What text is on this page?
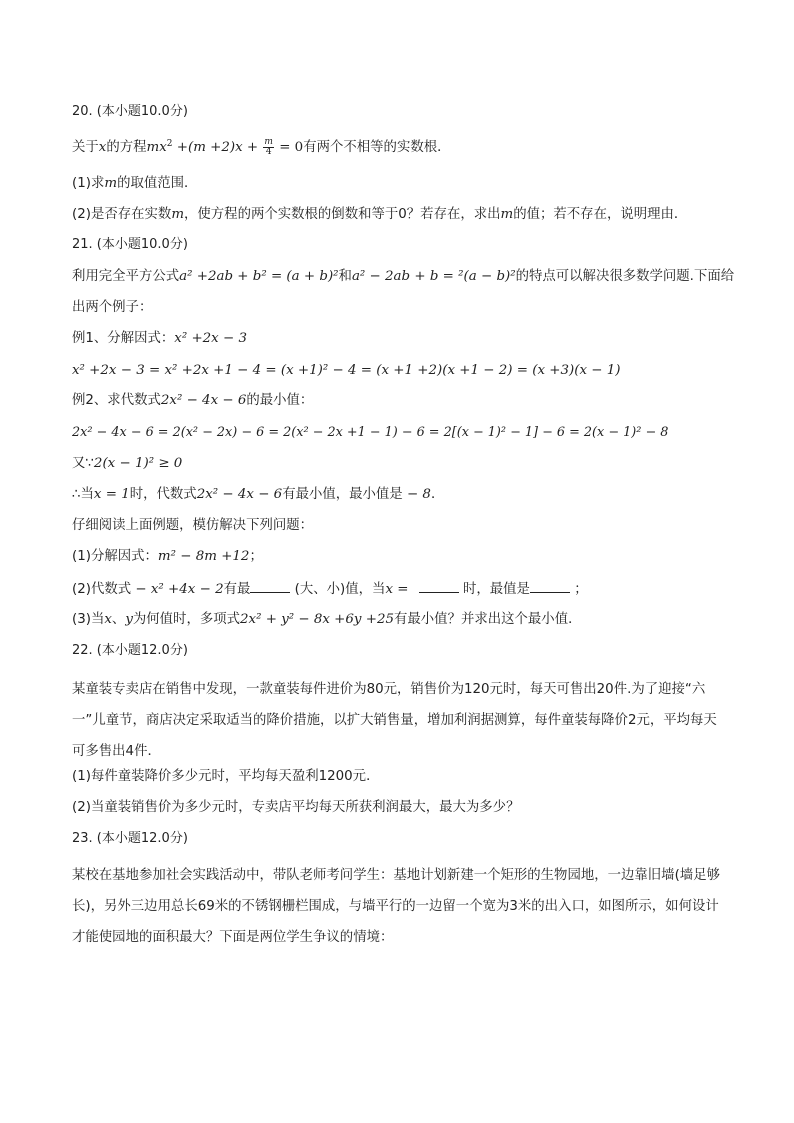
20. (本小题10.0分)

关于x的方程$mx^2 +(m +2)x + \frac{m}{4} = 0$有两个不相等的实数根．

(1)求m的取值范围．

(2)是否存在实数m，使方程的两个实数根的倒数和等于0？若存在，求出m的值；若不存在，说明理由．

21. (本小题10.0分)

利用完全平方公式a² +2ab + b² = (a + b)²和a² − 2ab + b = ²(a − b)²的特点可以解决很多数学问题.下面给

出两个例子：

例1、分解因式：x² +2x − 3

x² +2x − 3 = x² +2x +1 − 4 = (x +1)² − 4 = (x +1 +2)(x +1 − 2) = (x +3)(x − 1)

例2、求代数式2x² − 4x − 6的最小值：

2x² − 4x − 6 = 2(x² − 2x) − 6 = 2(x² − 2x +1 − 1) − 6 = 2[(x − 1)² − 1] − 6 = 2(x − 1)² − 8

又∵2(x − 1)² ≥ 0

∴当x = 1时，代数式2x² − 4x − 6有最小值，最小值是 − 8．

仔细阅读上面例题，模仿解决下列问题：

(1)分解因式：m² − 8m +12；

(2)代数式 − x² +4x − 2有最	(大、小)值，当x =	时，最值是	；

(3)当x、y为何值时，多项式2x² + y² − 8x +6y +25有最小值？并求出这个最小值．

22. (本小题12.0分)

某童装专卖店在销售中发现，一款童装每件进价为80元，销售价为120元时，每天可售出20件.为了迎接“六一”儿童节，商店决定采取适当的降价措施，以扩大销售量，增加利润据测算，每件童装每降价2元，平均每天可多售出4件．

(1)每件童装降价多少元时，平均每天盈利1200元．

(2)当童装销售价为多少元时，专卖店平均每天所获利润最大，最大为多少？

23. (本小题12.0分)

某校在基地参加社会实践活动中，带队老师考问学生：基地计划新建一个矩形的生物园地，一边靠旧墙(墙足够长)，另外三边用总长69米的不锈钢栅栏围成，与墙平行的一边留一个宽为3米的出入口，如图所示，如何设计才能使园地的面积最大？下面是两位学生争议的情境：
